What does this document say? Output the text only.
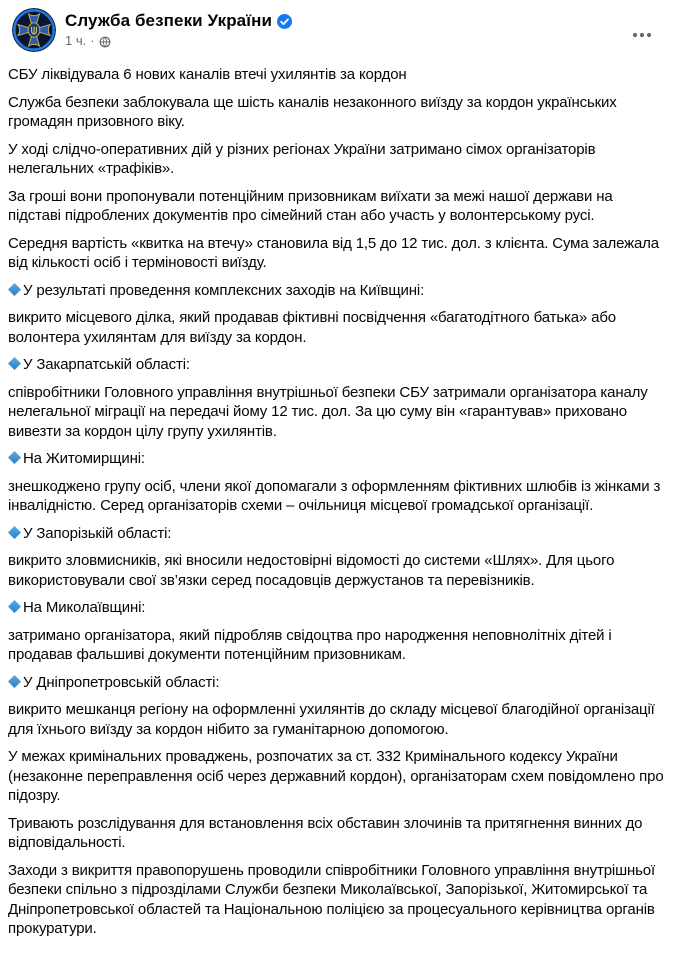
Служба безпеки України
1 ч. ·
СБУ ліквідувала 6 нових каналів втечі ухилянтів за кордон
Служба безпеки заблокувала ще шість каналів незаконного виїзду за кордон українських громадян призовного віку.
У ході слідчо-оперативних дій у різних регіонах України затримано сімох організаторів нелегальних «трафіків».
За гроші вони пропонували потенційним призовникам виїхати за межі нашої держави на підставі підроблених документів про сімейний стан або участь у волонтерському русі.
Середня вартість «квитка на втечу» становила від 1,5 до 12 тис. дол. з клієнта. Сума залежала від кількості осіб і терміновості виїзду.
У результаті проведення комплексних заходів на Київщині:
викрито місцевого ділка, який продавав фіктивні посвідчення «багатодітного батька» або волонтера ухилянтам для виїзду за кордон.
У Закарпатській області:
співробітники Головного управління внутрішньої безпеки СБУ затримали організатора каналу нелегальної міграції на передачі йому 12 тис. дол. За цю суму він «гарантував» приховано вивезти за кордон цілу групу ухилянтів.
На Житомирщині:
знешкоджено групу осіб, члени якої допомагали з оформленням фіктивних шлюбів із жінками з інвалідністю. Серед організаторів схеми – очільниця місцевої громадської організації.
У Запорізькій області:
викрито зловмисників, які вносили недостовірні відомості до системи «Шлях». Для цього використовували свої зв’язки серед посадовців держустанов та перевізників.
На Миколаївщині:
затримано організатора, який підробляв свідоцтва про народження неповнолітніх дітей і продавав фальшиві документи потенційним призовникам.
У Дніпропетровській області:
викрито мешканця регіону на оформленні ухилянтів до складу місцевої благодійної організації для їхнього виїзду за кордон нібито за гуманітарною допомогою.
У межах кримінальних проваджень, розпочатих за ст. 332 Кримінального кодексу України (незаконне переправлення осіб через державний кордон), організаторам схем повідомлено про підозру.
Тривають розслідування для встановлення всіх обставин злочинів та притягнення винних до відповідальності.
Заходи з викриття правопорушень проводили співробітники Головного управління внутрішньої безпеки спільно з підрозділами Служби безпеки Миколаївської, Запорізької, Житомирської та Дніпропетровської областей та Національною поліцією за процесуального керівництва органів прокуратури.
